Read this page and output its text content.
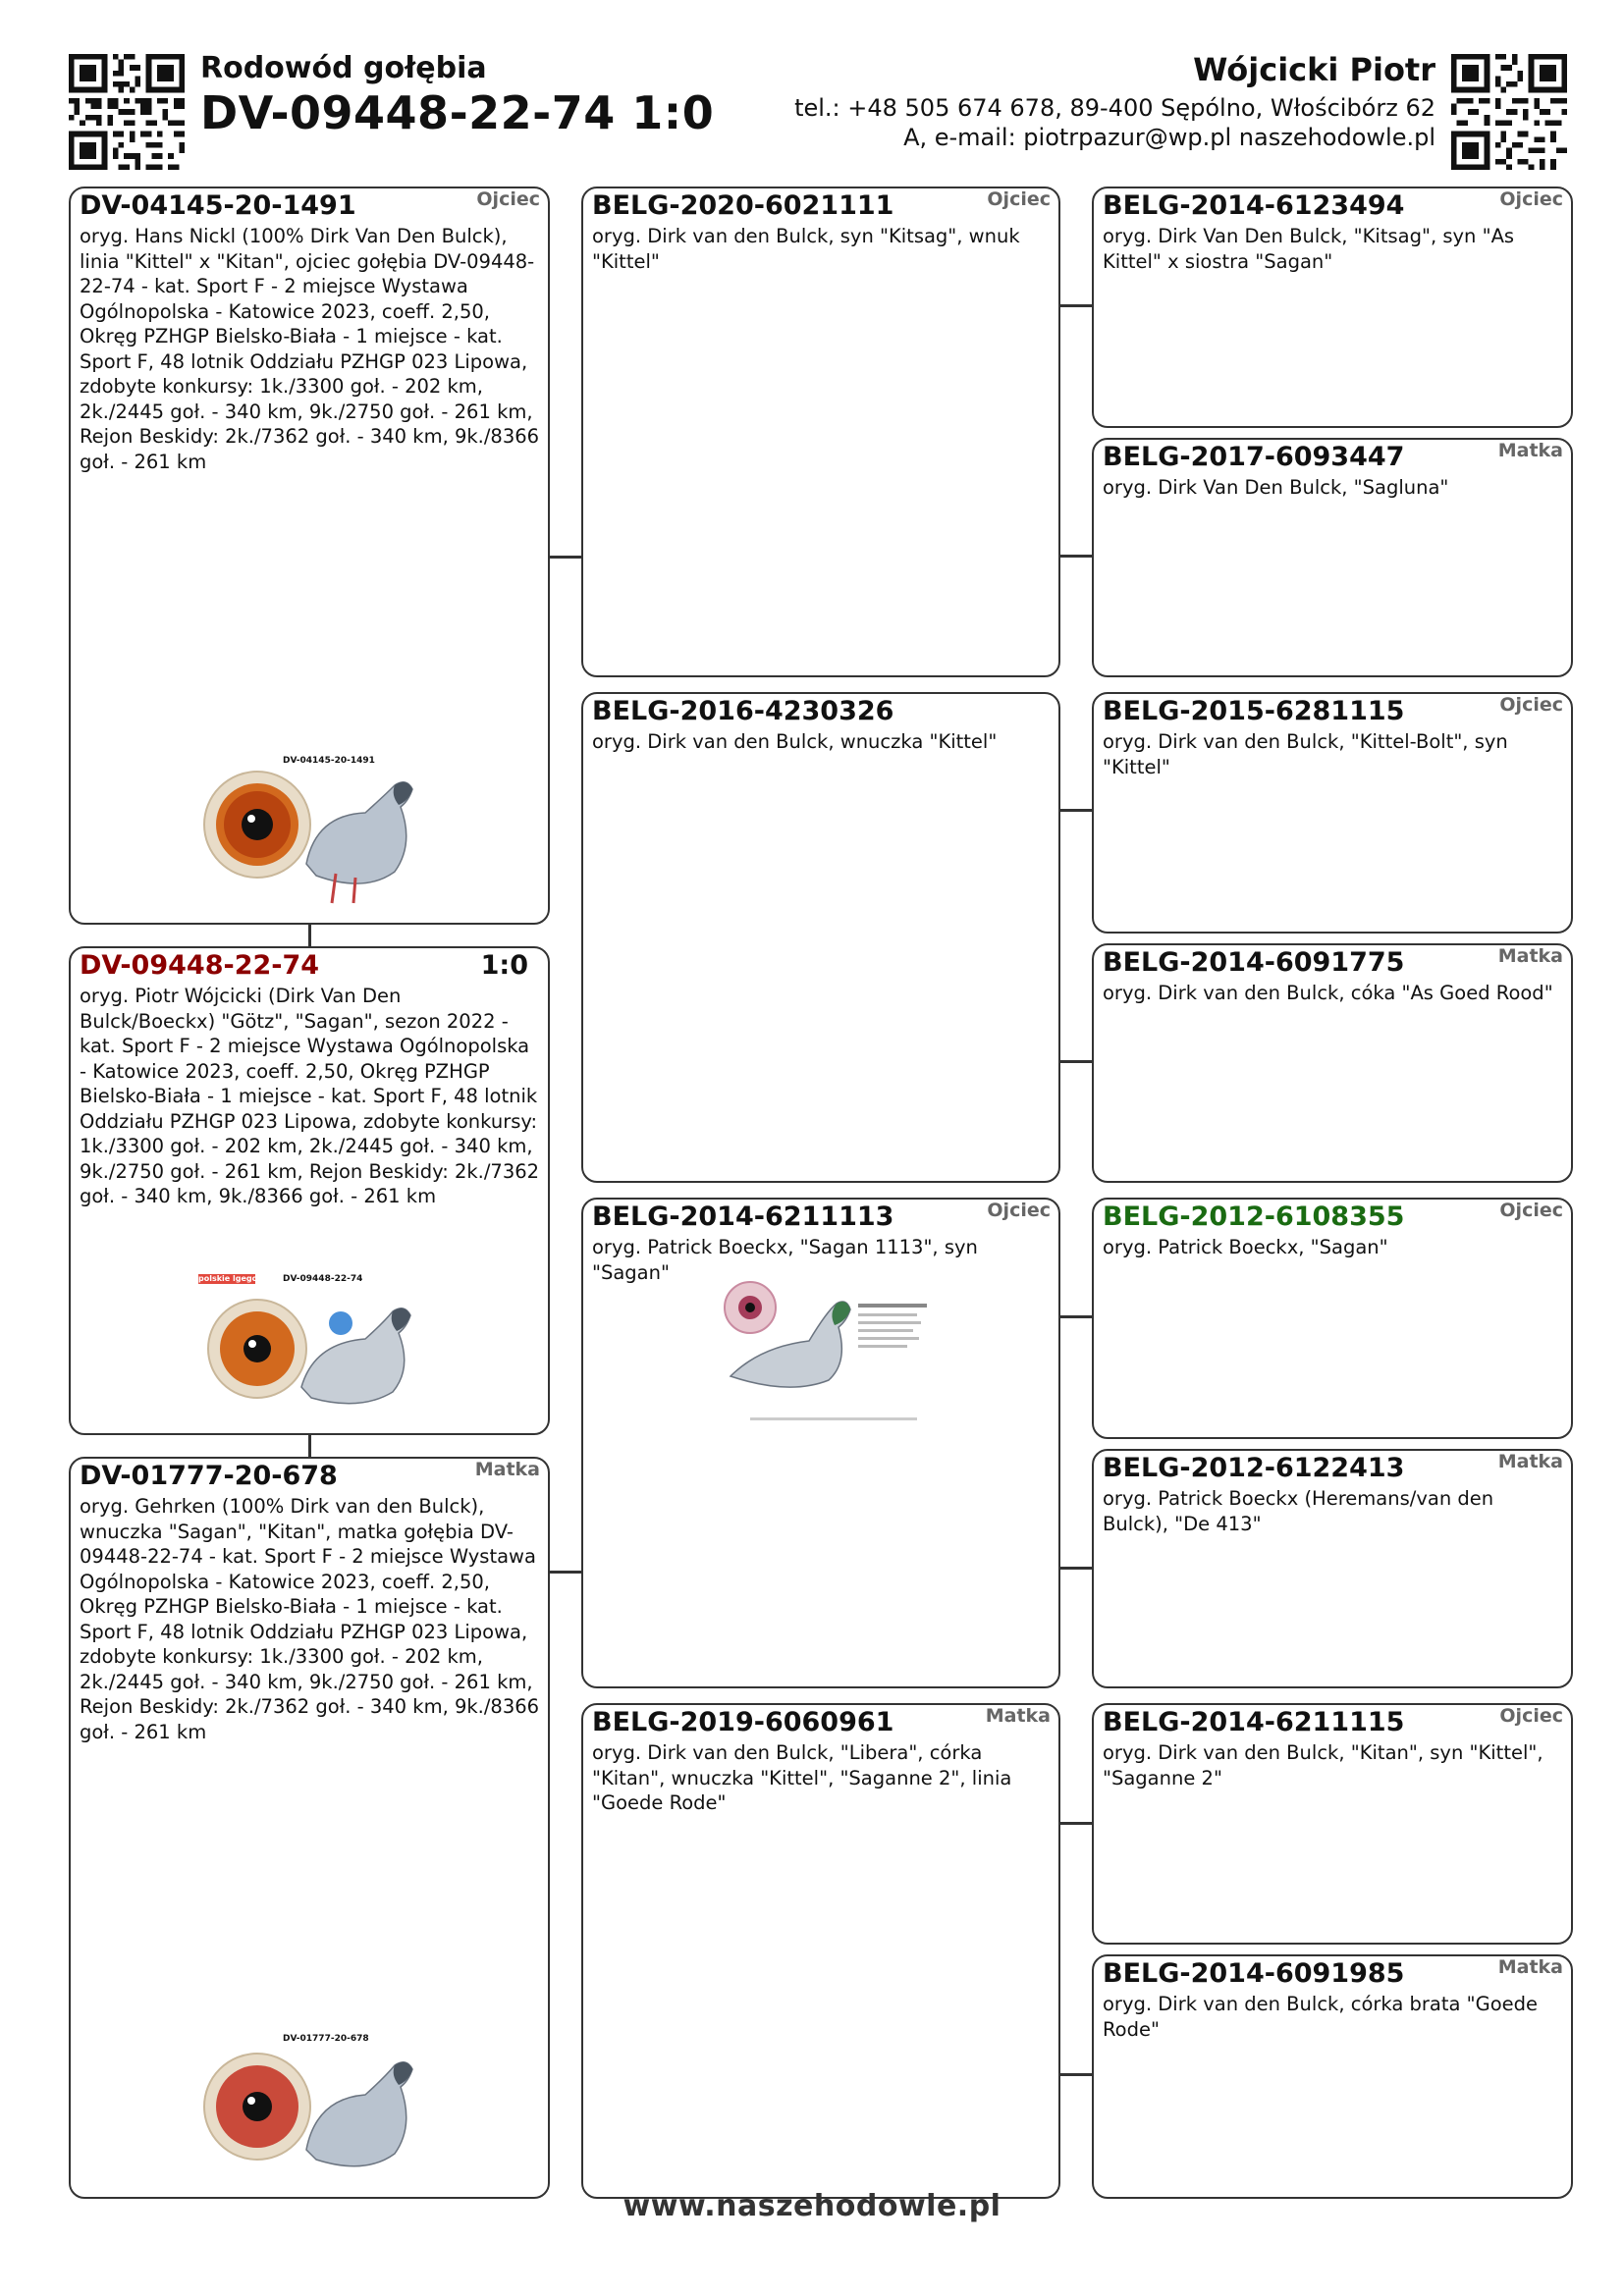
Rodowód gołębia
DV-09448-22-74 1:0
Wójcicki Piotr
tel.: +48 505 674 678, 89-400 Sępólno, Włościbórz 62
A, e-mail: piotrpazur@wp.pl naszehodowle.pl
DV-04145-20-1491	Ojciec
oryg. Hans Nickl (100% Dirk Van Den Bulck), linia "Kittel" x "Kitan", ojciec gołębia DV-09448-22-74 - kat. Sport F - 2 miejsce Wystawa Ogólnopolska - Katowice 2023, coeff. 2,50, Okręg PZHGP Bielsko-Biała - 1 miejsce - kat. Sport F, 48 lotnik Oddziału PZHGP 023 Lipowa, zdobyte konkursy: 1k./3300 goł. - 202 km, 2k./2445 goł. - 340 km, 9k./2750 goł. - 261 km, Rejon Beskidy: 2k./7362 goł. - 340 km, 9k./8366 goł. - 261 km
DV-04145-20-1491
DV-09448-22-74	1:0
oryg. Piotr Wójcicki (Dirk Van Den Bulck/Boeckx) "Götz", "Sagan", sezon 2022 - kat. Sport F - 2 miejsce Wystawa Ogólnopolska - Katowice 2023, coeff. 2,50, Okręg PZHGP Bielsko-Biała - 1 miejsce - kat. Sport F, 48 lotnik Oddziału PZHGP 023 Lipowa, zdobyte konkursy: 1k./3300 goł. - 202 km, 2k./2445 goł. - 340 km, 9k./2750 goł. - 261 km, Rejon Beskidy: 2k./7362 goł. - 340 km, 9k./8366 goł. - 261 km
polskie lgegolebie DV-09448-22-74
DV-01777-20-678	Matka
oryg. Gehrken (100% Dirk van den Bulck), wnuczka "Sagan", "Kitan", matka gołębia DV-09448-22-74 - kat. Sport F - 2 miejsce Wystawa Ogólnopolska - Katowice 2023, coeff. 2,50, Okręg PZHGP Bielsko-Biała - 1 miejsce - kat. Sport F, 48 lotnik Oddziału PZHGP 023 Lipowa, zdobyte konkursy: 1k./3300 goł. - 202 km, 2k./2445 goł. - 340 km, 9k./2750 goł. - 261 km, Rejon Beskidy: 2k./7362 goł. - 340 km, 9k./8366 goł. - 261 km
DV-01777-20-678
BELG-2020-6021111	Ojciec
oryg. Dirk van den Bulck, syn "Kitsag", wnuk "Kittel"
BELG-2016-4230326
oryg. Dirk van den Bulck, wnuczka "Kittel"
BELG-2014-6211113	Ojciec
oryg. Patrick Boeckx, "Sagan 1113", syn "Sagan"
BELG-2019-6060961	Matka
oryg. Dirk van den Bulck, "Libera", córka "Kitan", wnuczka "Kittel", "Saganne 2", linia "Goede Rode"
BELG-2014-6123494	Ojciec
oryg. Dirk Van Den Bulck, "Kitsag", syn "As Kittel" x siostra "Sagan"
BELG-2017-6093447	Matka
oryg. Dirk Van Den Bulck, "Sagluna"
BELG-2015-6281115	Ojciec
oryg. Dirk van den Bulck, "Kittel-Bolt", syn "Kittel"
BELG-2014-6091775	Matka
oryg. Dirk van den Bulck, cóka "As Goed Rood"
BELG-2012-6108355	Ojciec
oryg. Patrick Boeckx, "Sagan"
BELG-2012-6122413	Matka
oryg. Patrick Boeckx (Heremans/van den Bulck), "De 413"
BELG-2014-6211115	Ojciec
oryg. Dirk van den Bulck, "Kitan", syn "Kittel", "Saganne 2"
BELG-2014-6091985	Matka
oryg. Dirk van den Bulck, córka brata "Goede Rode"
www.naszehodowle.pl
